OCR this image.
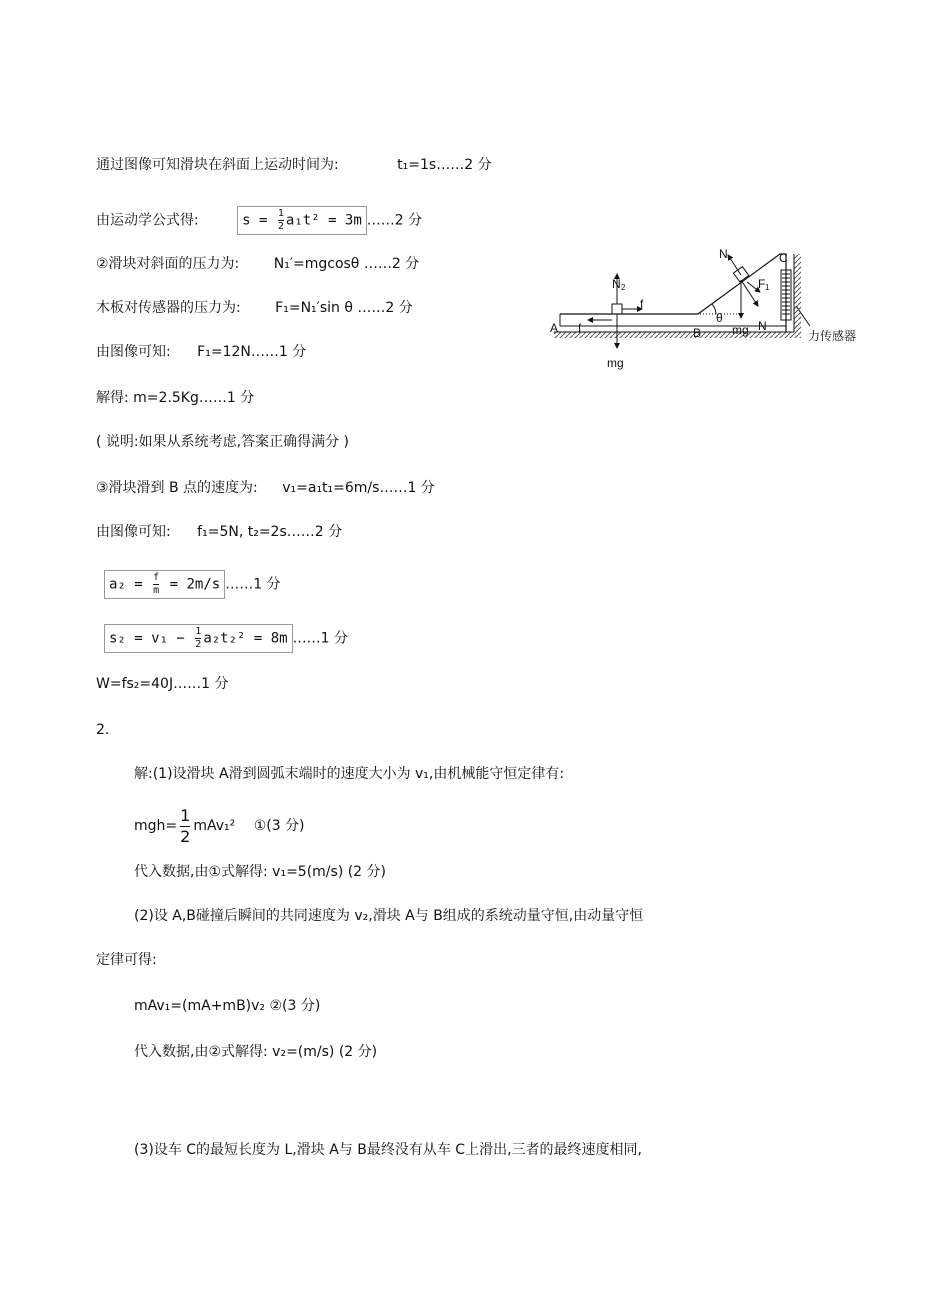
通过图像可知滑块在斜面上运动时间为:	t₁=1s……2 分
由运动学公式得:	$s = \frac{1}{2} a_1t^2 = 3m$ ……2 分
②滑块对斜面的压力为: N₁′=mgcosθ ……2 分
木板对传感器的压力为: F₁=N₁′sin θ ……2 分
由图像可知: F₁=12N……1 分
解得: m=2.5Kg……1 分
( 说明:如果从系统考虑,答案正确得满分 )
③滑块滑到 B 点的速度为: v₁=a₁t₁=6m/s……1 分
由图像可知: f₁=5N, t₂=2s……2 分
$a_2 = \frac{f}{m} = 2m/s$ ……1 分
$s_2 = v_1 - \frac{1}{2} a_2t_2^2 = 8m$ ……1 分
W=fs₂=40J……1 分
2.
解:(1)设滑块 A滑到圆弧末端时的速度大小为 v₁,由机械能守恒定律有:
$mgh= \frac{1}{2} mAv_1^2$ ①(3 分)
代入数据,由①式解得: v₁=5(m/s) (2 分)
(2)设 A,B碰撞后瞬间的共同速度为 v₂,滑块 A与 B组成的系统动量守恒,由动量守恒
定律可得:
mAv₁=(mA+mB)v₂ ②(3 分)
代入数据,由②式解得: v₂=(m/s) (2 分)
(3)设车 C的最短长度为 L,滑块 A与 B最终没有从车 C上滑出,三者的最终速度相同,
A f	B
C
N 2
f
mg
N
F 1
θ
mg N
力传感器
